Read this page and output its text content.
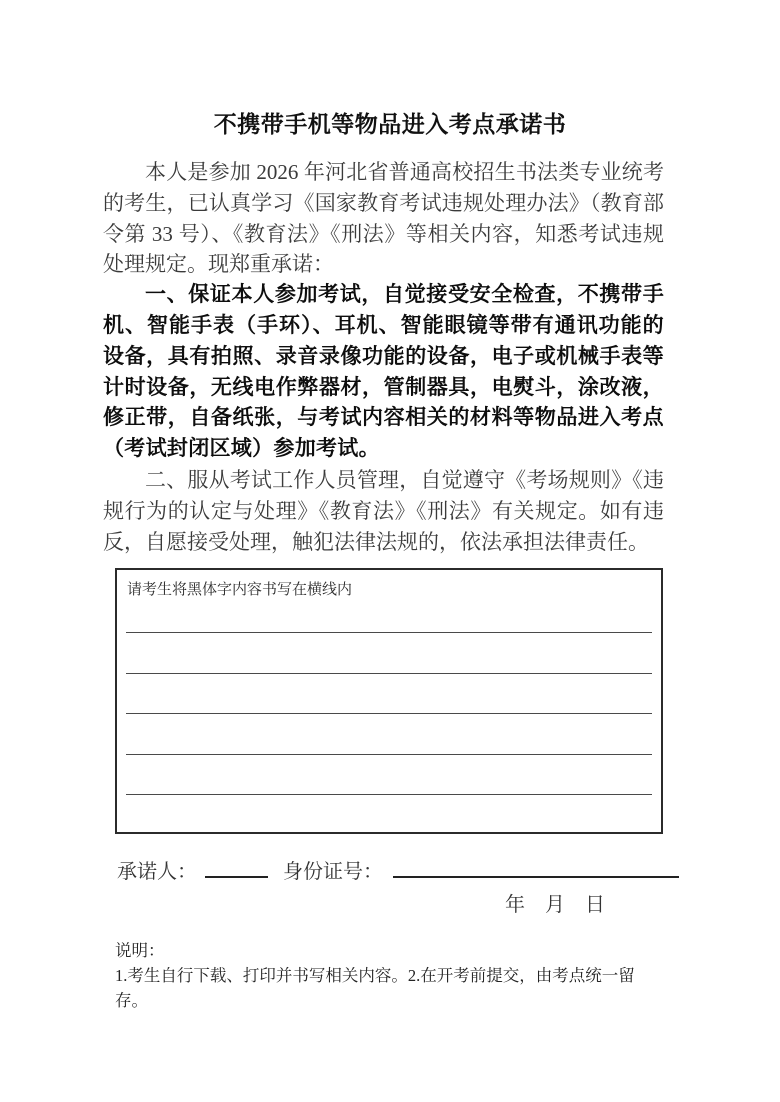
不携带手机等物品进入考点承诺书

本人是参加 2026 年河北省普通高校招生书法类专业统考的考生，已认真学习《国家教育考试违规处理办法》（教育部令第 33 号）、《教育法》《刑法》等相关内容，知悉考试违规处理规定。现郑重承诺：

一、保证本人参加考试，自觉接受安全检查，不携带手机、智能手表（手环）、耳机、智能眼镜等带有通讯功能的设备，具有拍照、录音录像功能的设备，电子或机械手表等计时设备，无线电作弊器材，管制器具，电熨斗，涂改液，修正带，自备纸张，与考试内容相关的材料等物品进入考点（考试封闭区域）参加考试。

二、服从考试工作人员管理，自觉遵守《考场规则》《违规行为的认定与处理》《教育法》《刑法》有关规定。如有违反，自愿接受处理，触犯法律法规的，依法承担法律责任。

请考生将黑体字内容书写在横线内
承诺人：	身份证号：
年 月 日

说明：

1.考生自行下载、打印并书写相关内容。2.在开考前提交，由考点统一留存。
